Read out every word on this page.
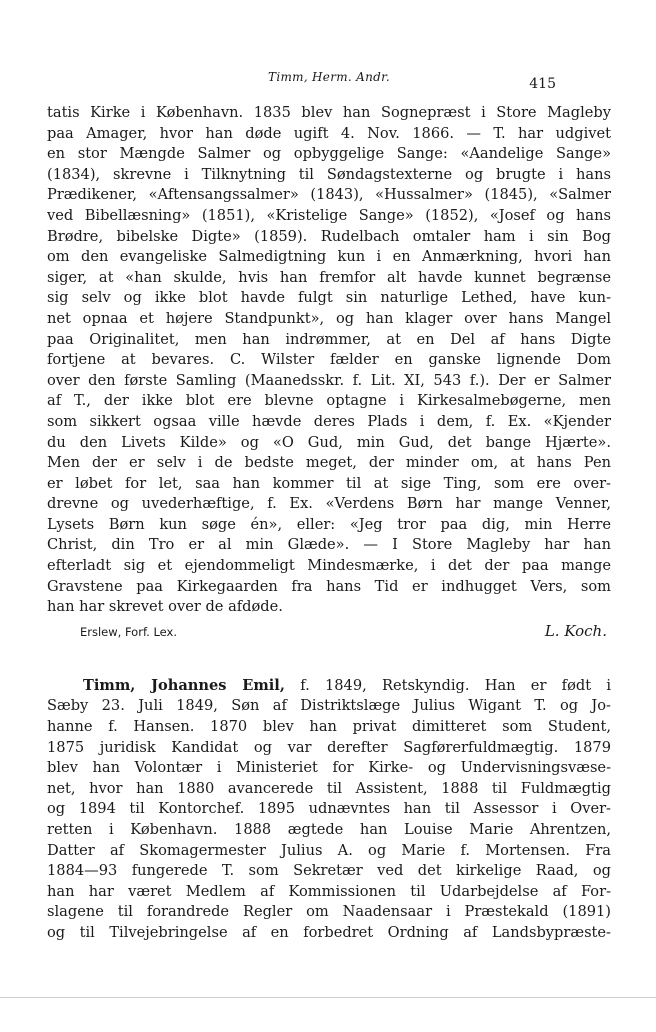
Timm, Herm. Andr.	415
tatis Kirke i København. 1835 blev han Sognepræst i Store Magleby
paa Amager, hvor han døde ugift 4. Nov. 1866. — T. har udgivet
en stor Mængde Salmer og opbyggelige Sange: «Aandelige Sange»
(1834), skrevne i Tilknytning til Søndagstexterne og brugte i hans
Prædikener, «Aftensangssalmer» (1843), «Hussalmer» (1845), «Salmer
ved Bibellæsning» (1851), «Kristelige Sange» (1852), «Josef og hans
Brødre, bibelske Digte» (1859). Rudelbach omtaler ham i sin Bog
om den evangeliske Salmedigtning kun i en Anmærkning, hvori han
siger, at «han skulde, hvis han fremfor alt havde kunnet begrænse
sig selv og ikke blot havde fulgt sin naturlige Lethed, have kun-
net opnaa et højere Standpunkt», og han klager over hans Mangel
paa Originalitet, men han indrømmer, at en Del af hans Digte
fortjene at bevares. C. Wilster fælder en ganske lignende Dom
over den første Samling (Maanedsskr. f. Lit. XI, 543 f.). Der er Salmer
af T., der ikke blot ere blevne optagne i Kirkesalmebøgerne, men
som sikkert ogsaa ville hævde deres Plads i dem, f. Ex. «Kjender
du den Livets Kilde» og «O Gud, min Gud, det bange Hjærte».
Men der er selv i de bedste meget, der minder om, at hans Pen
er løbet for let, saa han kommer til at sige Ting, som ere over-
drevne og uvederhæftige, f. Ex. «Verdens Børn har mange Venner,
Lysets Børn kun søge én», eller: «Jeg tror paa dig, min Herre
Christ, din Tro er al min Glæde». — I Store Magleby har han
efterladt sig et ejendommeligt Mindesmærke, i det der paa mange
Gravstene paa Kirkegaarden fra hans Tid er indhugget Vers, som
han har skrevet over de afdøde.
Erslew, Forf. Lex.	L. Koch.
Timm, Johannes Emil, f. 1849, Retskyndig. Han er født i
Sæby 23. Juli 1849, Søn af Distriktslæge Julius Wigant T. og Jo-
hanne f. Hansen. 1870 blev han privat dimitteret som Student,
1875 juridisk Kandidat og var derefter Sagførerfuldmægtig. 1879
blev han Volontær i Ministeriet for Kirke- og Undervisningsvæse-
net, hvor han 1880 avancerede til Assistent, 1888 til Fuldmægtig
og 1894 til Kontorchef. 1895 udnævntes han til Assessor i Over-
retten i København. 1888 ægtede han Louise Marie Ahrentzen,
Datter af Skomagermester Julius A. og Marie f. Mortensen. Fra
1884—93 fungerede T. som Sekretær ved det kirkelige Raad, og
han har været Medlem af Kommissionen til Udarbejdelse af For-
slagene til forandrede Regler om Naadensaar i Præstekald (1891)
og til Tilvejebringelse af en forbedret Ordning af Landsbypræste-
